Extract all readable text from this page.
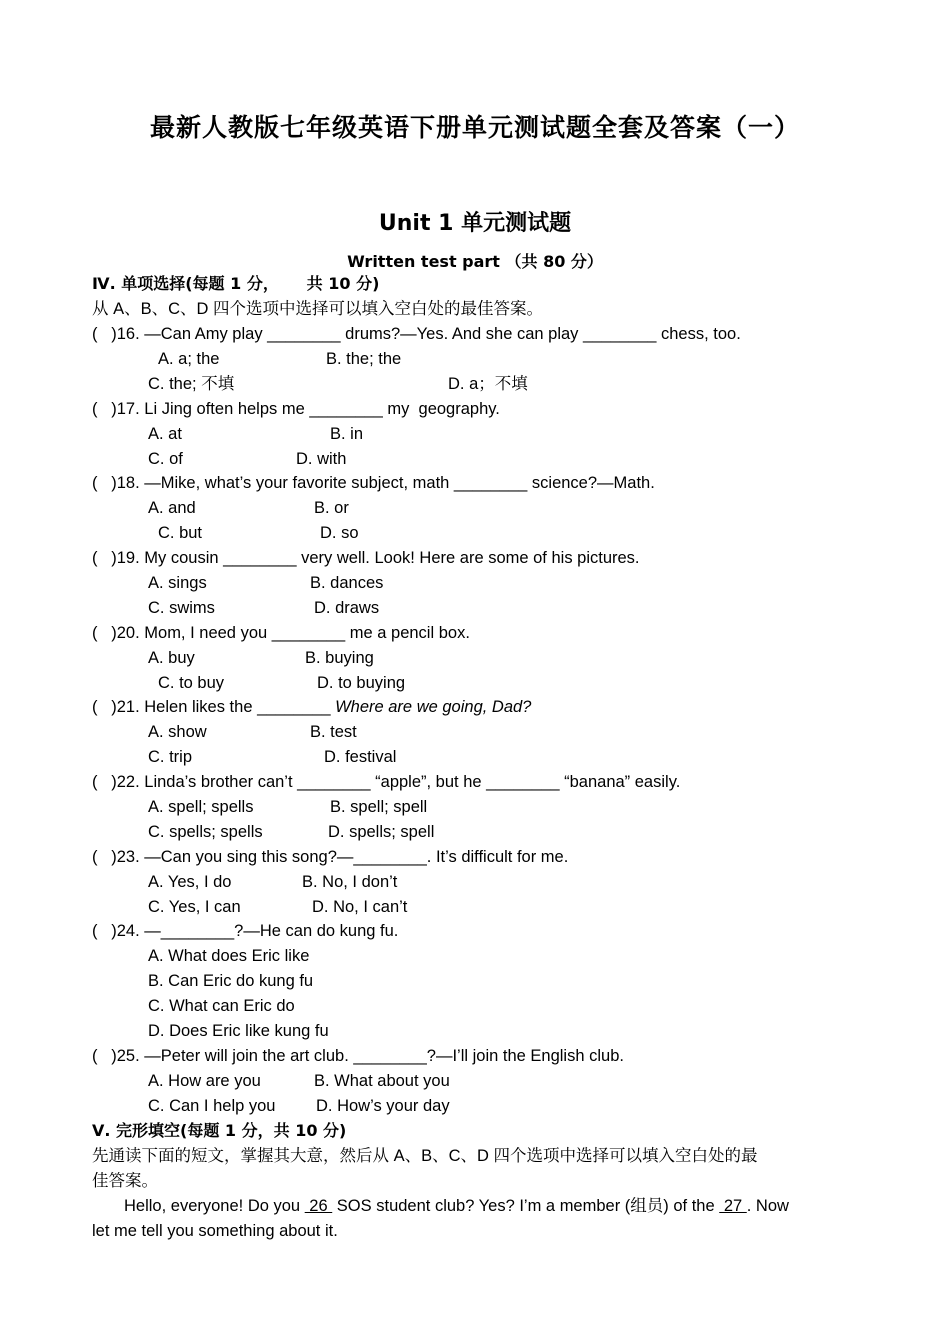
最新人教版七年级英语下册单元测试题全套及答案（一）
Unit 1 单元测试题
Written test part （共 80 分）
Ⅳ. 单项选择(每题 1 分，     共 10 分)
从 A、B、C、D 四个选项中选择可以填入空白处的最佳答案。
(   )16. —Can Amy play ________ drums?—Yes. And she can play ________ chess, too.
A. a; the	B. the; the
C. the; 不填	D. a；不填
(   )17. Li Jing often helps me ________ my  geography.
A. at	B. in
C. of	D. with
(   )18. —Mike, what’s your favorite subject, math ________ science?—Math.
A. and	B. or
C. but	D. so
(   )19. My cousin ________ very well. Look! Here are some of his pictures.
A. sings	B. dances
C. swims	D. draws
(   )20. Mom, I need you ________ me a pencil box.
A. buy	B. buying
C. to buy	D. to buying
(   )21. Helen likes the ________ Where are we going, Dad?
A. show	B. test
C. trip	D. festival
(   )22. Linda’s brother can’t ________ “apple”, but he ________ “banana” easily.
A. spell; spells	B. spell; spell
C. spells; spells	D. spells; spell
(   )23. —Can you sing this song?—________. It’s difficult for me.
A. Yes, I do	B. No, I don’t
C. Yes, I can	D. No, I can’t
(   )24. —________?—He can do kung fu.
A. What does Eric like
B. Can Eric do kung fu
C. What can Eric do
D. Does Eric like kung fu
(   )25. —Peter will join the art club. ________?—I’ll join the English club.
A. How are you	B. What about you
C. Can I help you D. How’s your day
Ⅴ. 完形填空(每题 1 分，共 10 分)
先通读下面的短文，掌握其大意，然后从 A、B、C、D 四个选项中选择可以填入空白处的最
佳答案。
Hello, everyone! Do you  26  SOS student club? Yes? I’m a member (组员) of the  27 . Now
let me tell you something about it.
